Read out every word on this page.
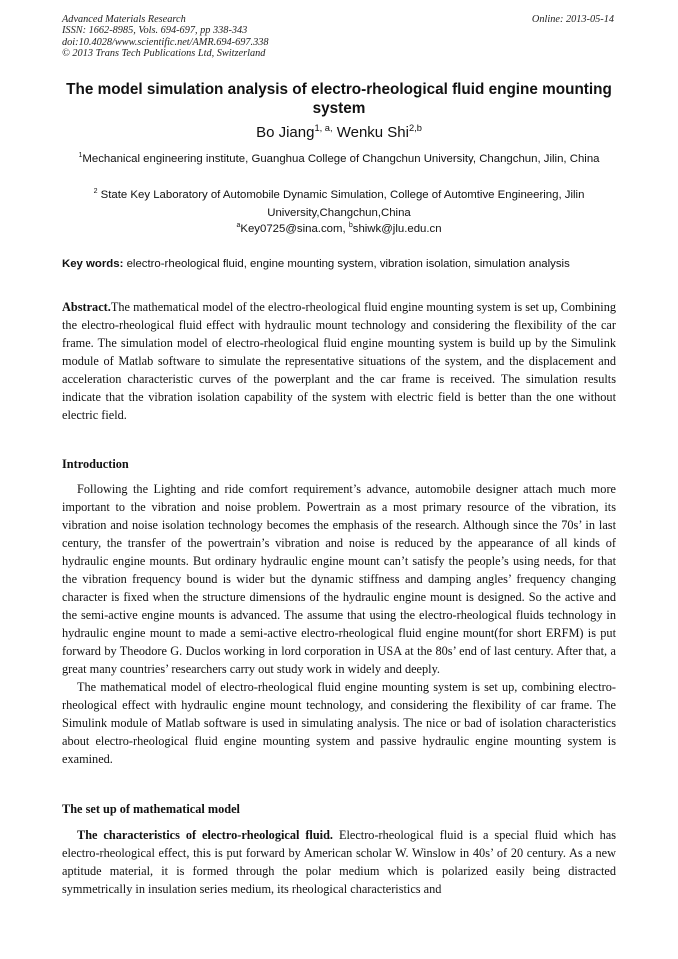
Advanced Materials Research
ISSN: 1662-8985, Vols. 694-697, pp 338-343
doi:10.4028/www.scientific.net/AMR.694-697.338
© 2013 Trans Tech Publications Ltd, Switzerland
Online: 2013-05-14
The model simulation analysis of electro-rheological fluid engine mounting system
Bo Jiang$^{1, a,}$ Wenku Shi$^{2,b}$
$^1$Mechanical engineering institute, Guanghua College of Changchun University, Changchun, Jilin, China
$^2$ State Key Laboratory of Automobile Dynamic Simulation, College of Automtive Engineering, Jilin University,Changchun,China
$^a$Key0725@sina.com, $^b$shiwk@jlu.edu.cn
Key words: electro-rheological fluid, engine mounting system, vibration isolation, simulation analysis
Abstract.The mathematical model of the electro-rheological fluid engine mounting system is set up, Combining the electro-rheological fluid effect with hydraulic mount technology and considering the flexibility of the car frame. The simulation model of electro-rheological fluid engine mounting system is build up by the Simulink module of Matlab software to simulate the representative situations of the system, and the displacement and acceleration characteristic curves of the powerplant and the car frame is received. The simulation results indicate that the vibration isolation capability of the system with electric field is better than the one without electric field.
Introduction

Following the Lighting and ride comfort requirement’s advance, automobile designer attach much more important to the vibration and noise problem. Powertrain as a most primary resource of the vibration, its vibration and noise isolation technology becomes the emphasis of the research. Although since the 70s’ in last century, the transfer of the powertrain’s vibration and noise is reduced by the appearance of all kinds of hydraulic engine mounts. But ordinary hydraulic engine mount can’t satisfy the people’s using needs, for that the vibration frequency bound is wider but the dynamic stiffness and damping angles’ frequency changing character is fixed when the structure dimensions of the hydraulic engine mount is designed. So the active and the semi-active engine mounts is advanced. The assume that using the electro-rheological fluids technology in hydraulic engine mount to made a semi-active electro-rheological fluid engine mount(for short ERFM) is put forward by Theodore G. Duclos working in lord corporation in USA at the 80s’ end of last century. After that, a great many countries’ researchers carry out study work in widely and deeply.

The mathematical model of electro-rheological fluid engine mounting system is set up, combining electro-rheological effect with hydraulic engine mount technology, and considering the flexibility of car frame. The Simulink module of Matlab software is used in simulating analysis. The nice or bad of isolation characteristics about electro-rheological fluid engine mounting system and passive hydraulic engine mounting system is examined.

The set up of mathematical model

The characteristics of electro-rheological fluid. Electro-rheological fluid is a special fluid which has electro-rheological effect, this is put forward by American scholar W. Winslow in 40s’ of 20 century. As a new aptitude material, it is formed through the polar medium which is polarized easily being distracted symmetrically in insulation series medium, its rheological characteristics and
